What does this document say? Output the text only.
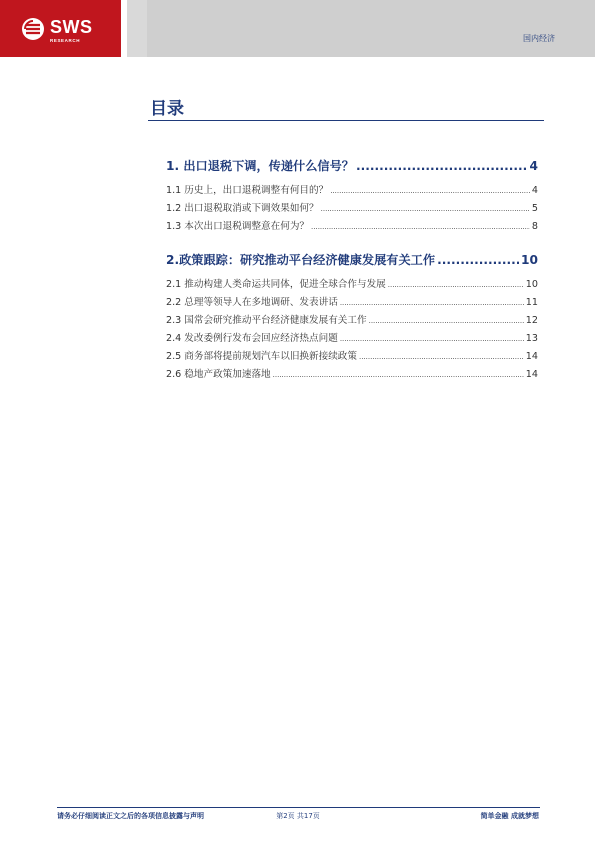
SWS
RESEARCH	国内经济
目录
1. 出口退税下调，传递什么信号？ .....	4
1.1 历史上，出口退税调整有何目的？ .....	4
1.2 出口退税取消或下调效果如何？ .....	5
1.3 本次出口退税调整意在何为？ .....	8
2.政策跟踪：研究推动平台经济健康发展有关工作 .....	10
2.1 推动构建人类命运共同体，促进全球合作与发展 .....	10
2.2 总理等领导人在多地调研、发表讲话 .....	11
2.3 国常会研究推动平台经济健康发展有关工作 .....	12
2.4 发改委例行发布会回应经济热点问题 .....	13
2.5 商务部将提前规划汽车以旧换新接续政策 .....	14
2.6 稳地产政策加速落地 .....	14
请务必仔细阅读正文之后的各项信息披露与声明	第2页 共17页	简单金融 成就梦想
